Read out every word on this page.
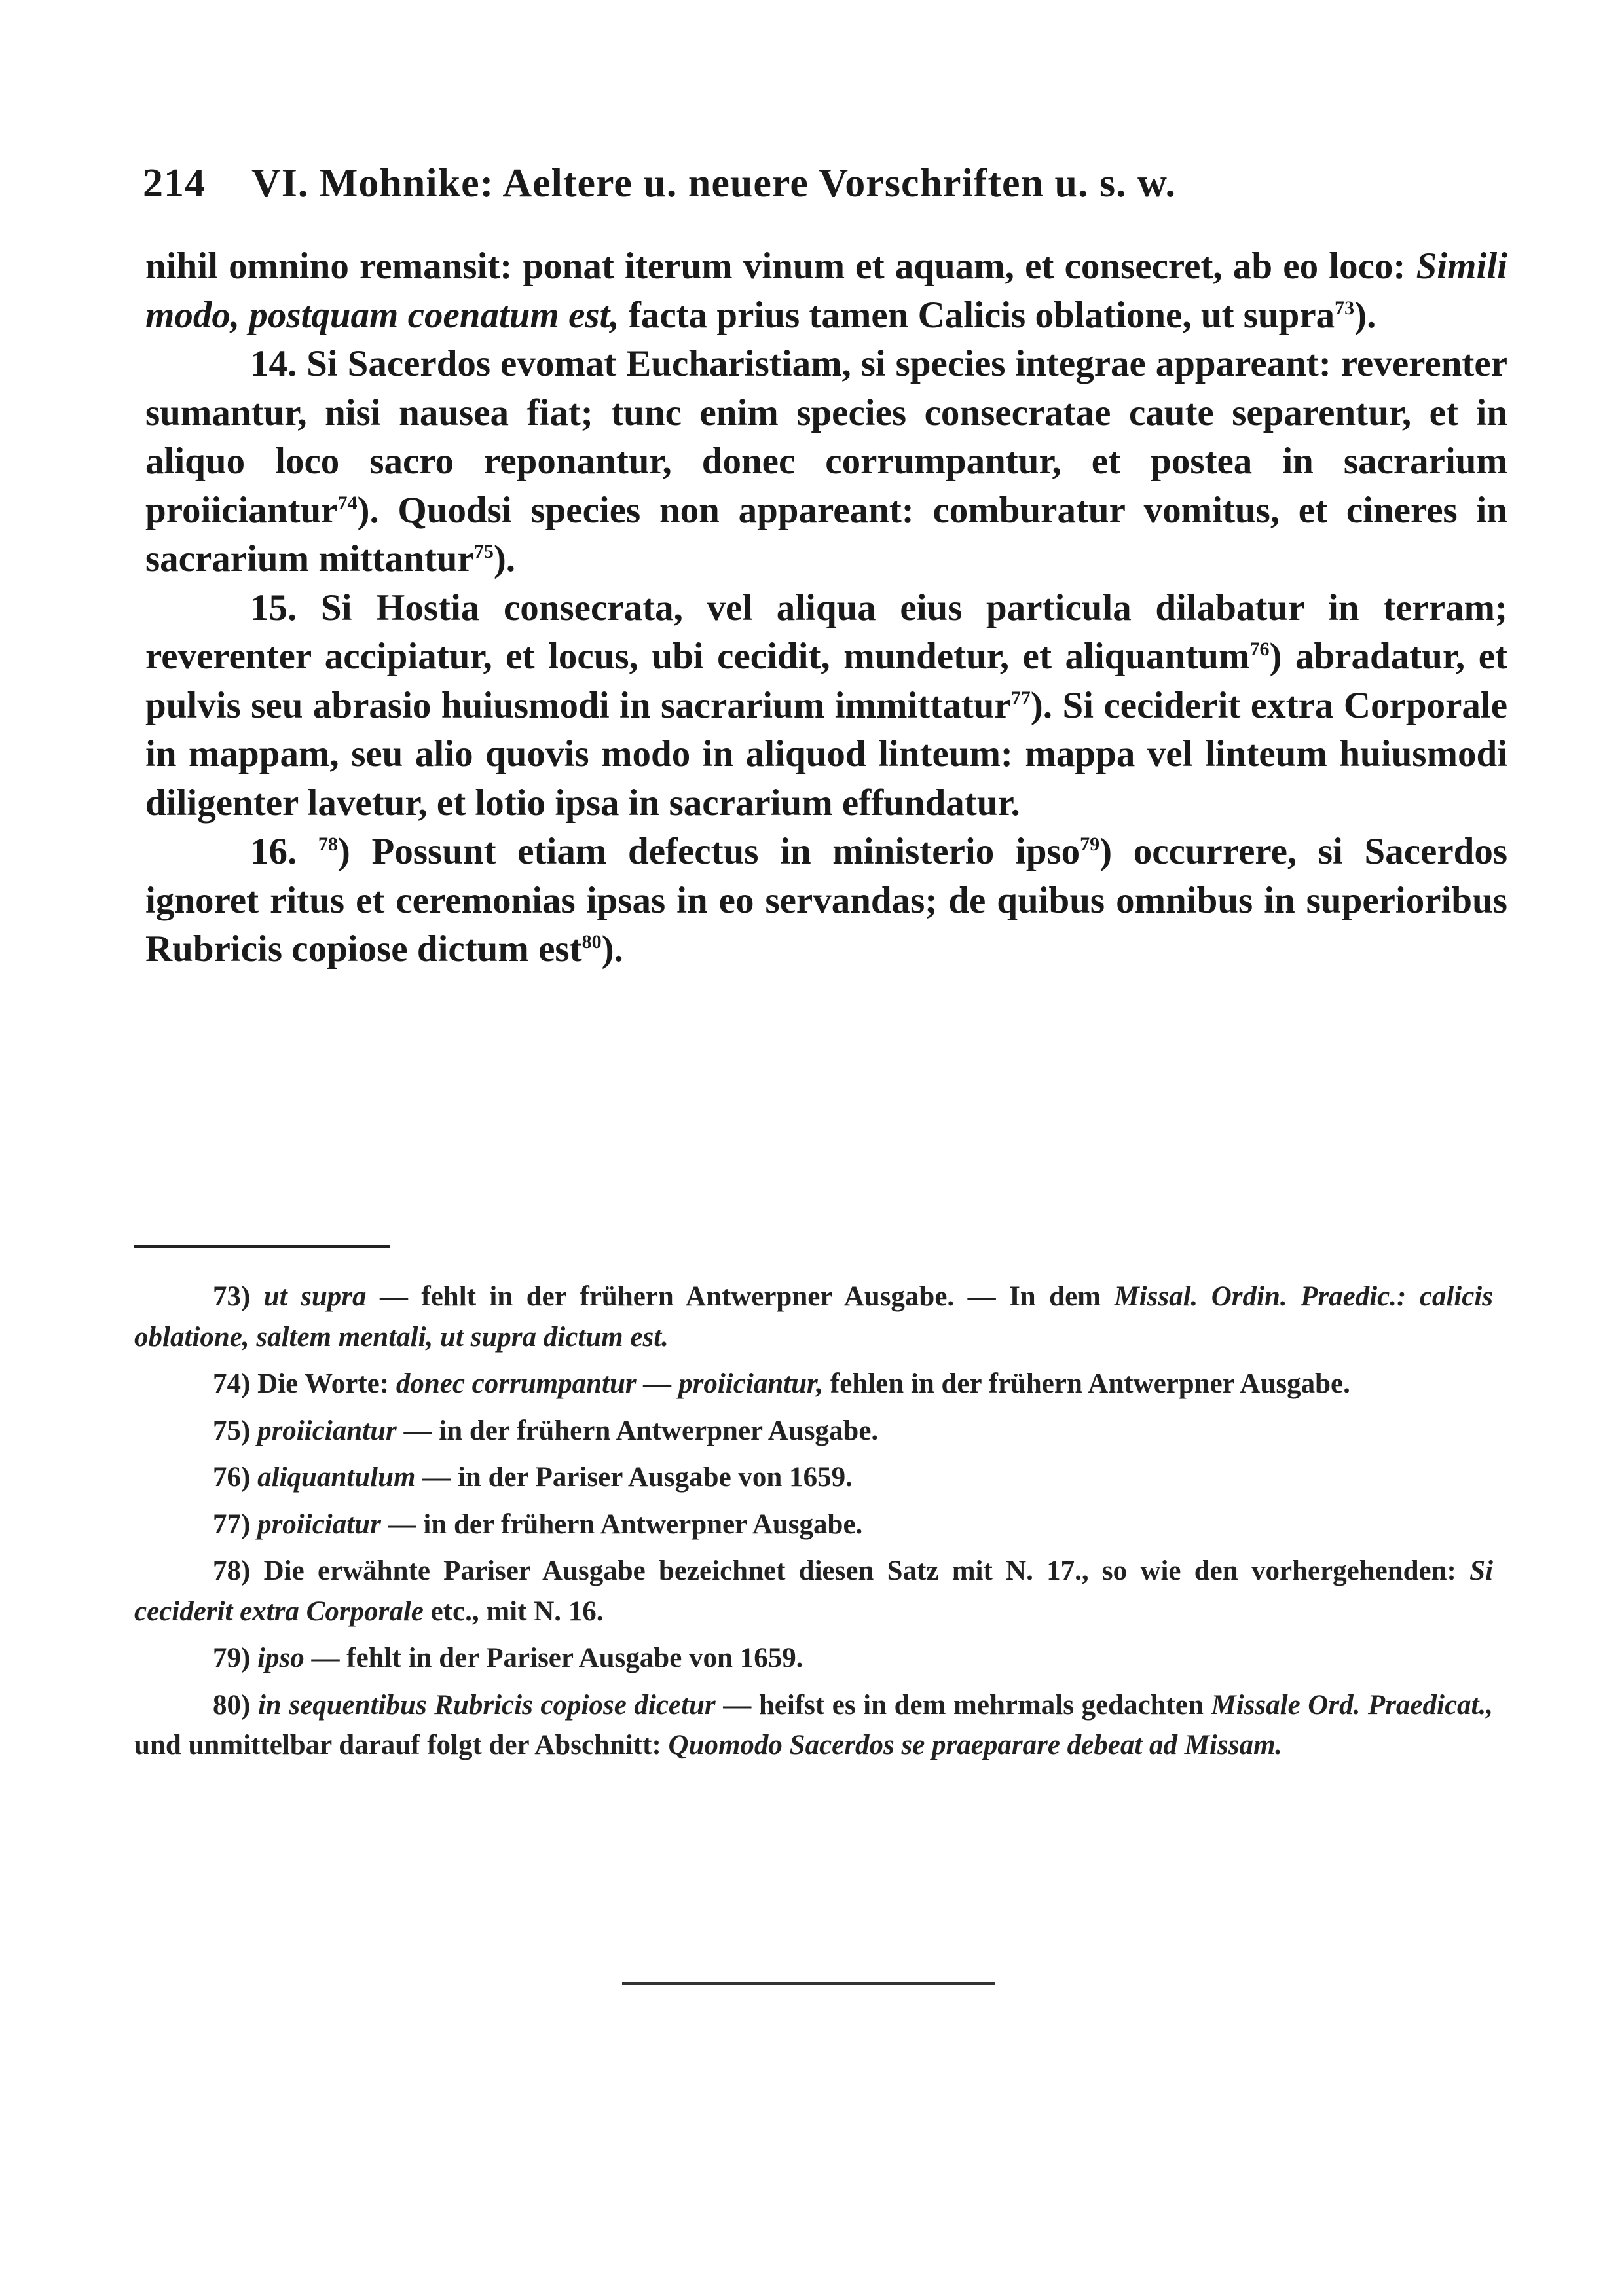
214 VI. Mohnike: Aeltere u. neuere Vorschriften u. s. w.

nihil omnino remansit: ponat iterum vinum et aquam, et consecret, ab eo loco: Simili modo, postquam coenatum est, facta prius tamen Calicis oblatione, ut supra$^{73}$).

14. Si Sacerdos evomat Eucharistiam, si species integrae appareant: reverenter sumantur, nisi nausea fiat; tunc enim species consecratae caute separentur, et in aliquo loco sacro reponantur, donec corrumpantur, et postea in sacrarium proiiciantur$^{74}$). Quodsi species non appareant: comburatur vomitus, et cineres in sacrarium mittantur$^{75}$).

15. Si Hostia consecrata, vel aliqua eius particula dilabatur in terram; reverenter accipiatur, et locus, ubi cecidit, mundetur, et aliquantum$^{76}$) abradatur, et pulvis seu abrasio huiusmodi in sacrarium immittatur$^{77}$). Si ceciderit extra Corporale in mappam, seu alio quovis modo in aliquod linteum: mappa vel linteum huiusmodi diligenter lavetur, et lotio ipsa in sacrarium effundatur.

16. $^{78}$) Possunt etiam defectus in ministerio ipso$^{79}$) occurrere, si Sacerdos ignoret ritus et ceremonias ipsas in eo servandas; de quibus omnibus in superioribus Rubricis copiose dictum est$^{80}$).

73) ut supra — fehlt in der frühern Antwerpner Ausgabe. — In dem Missal. Ordin. Praedic.: calicis oblatione, saltem mentali, ut supra dictum est.

74) Die Worte: donec corrumpantur — proiiciantur, fehlen in der frühern Antwerpner Ausgabe.

75) proiiciantur — in der frühern Antwerpner Ausgabe.

76) aliquantulum — in der Pariser Ausgabe von 1659.

77) proiiciatur — in der frühern Antwerpner Ausgabe.

78) Die erwähnte Pariser Ausgabe bezeichnet diesen Satz mit N. 17., so wie den vorhergehenden: Si ceciderit extra Corporale etc., mit N. 16.

79) ipso — fehlt in der Pariser Ausgabe von 1659.

80) in sequentibus Rubricis copiose dicetur — heifst es in dem mehrmals gedachten Missale Ord. Praedicat., und unmittelbar darauf folgt der Abschnitt: Quomodo Sacerdos se praeparare debeat ad Missam.
